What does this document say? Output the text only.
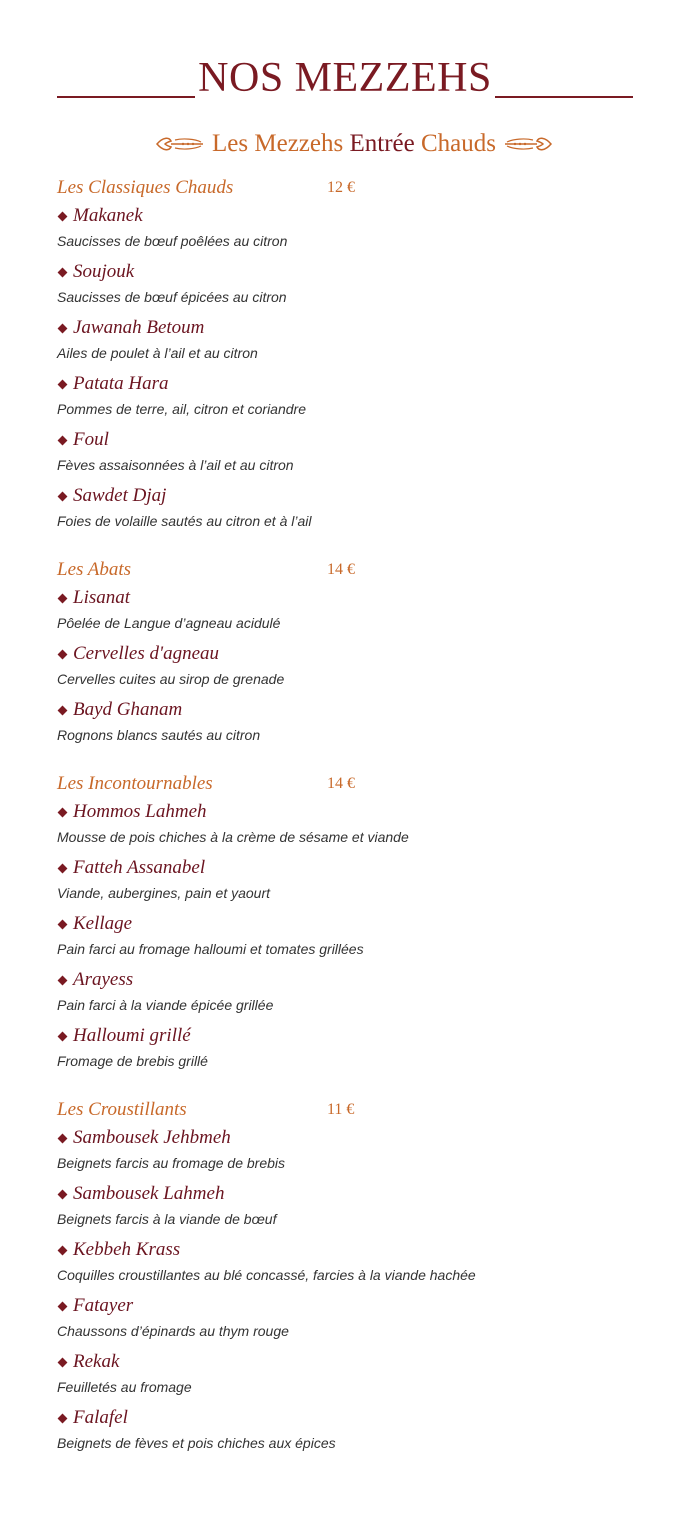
NOS MEZZEHS
Les Mezzehs Entrée Chauds
Les Classiques Chauds	12 €
Makanek
Saucisses de bœuf poêlées au citron
Soujouk
Saucisses de bœuf épicées au citron
Jawanah Betoum
Ailes de poulet à l’ail et au citron
Patata Hara
Pommes de terre, ail, citron et coriandre
Foul
Fèves assaisonnées à l’ail et au citron
Sawdet Djaj
Foies de volaille sautés au citron et à l’ail
Les Abats	14 €
Lisanat
Pôelée de Langue d’agneau acidulé
Cervelles d'agneau
Cervelles cuites au sirop de grenade
Bayd Ghanam
Rognons blancs sautés au citron
Les Incontournables	14 €
Hommos Lahmeh
Mousse de pois chiches à la crème de sésame et viande
Fatteh Assanabel
Viande, aubergines, pain et yaourt
Kellage
Pain farci au fromage halloumi et tomates grillées
Arayess
Pain farci à la viande épicée grillée
Halloumi grillé
Fromage de brebis grillé
Les Croustillants	11 €
Sambousek Jehbmeh
Beignets farcis au fromage de brebis
Sambousek Lahmeh
Beignets farcis à la viande de bœuf
Kebbeh Krass
Coquilles croustillantes au blé concassé, farcies à la viande hachée
Fatayer
Chaussons d’épinards au thym rouge
Rekak
Feuilletés au fromage
Falafel
Beignets de fèves et pois chiches aux épices
